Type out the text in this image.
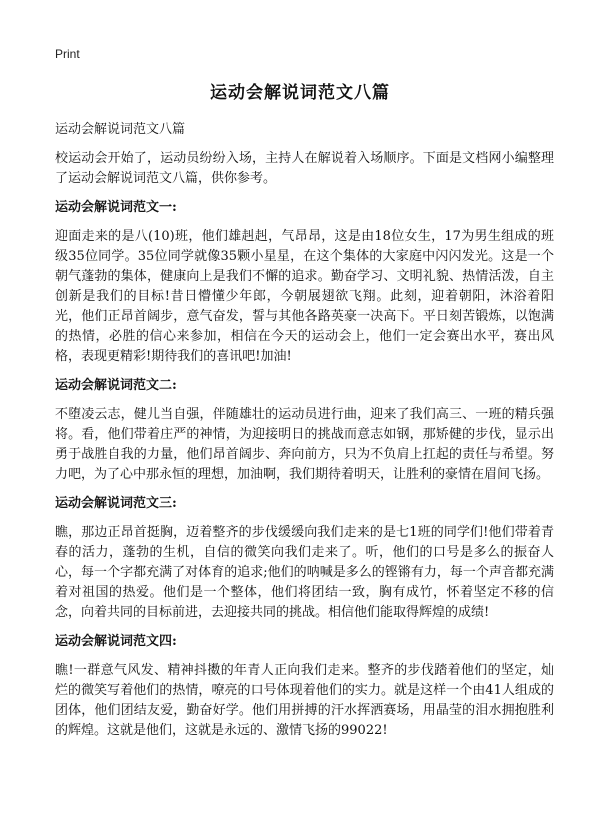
Print
运动会解说词范文八篇
运动会解说词范文八篇
校运动会开始了，运动员纷纷入场，主持人在解说着入场顺序。下面是文档网小编整理了运动会解说词范文八篇，供你参考。
运动会解说词范文一:
迎面走来的是八(10)班，他们雄赳赳，气昂昂，这是由18位女生，17为男生组成的班级35位同学。35位同学就像35颗小星星，在这个集体的大家庭中闪闪发光。这是一个朝气蓬勃的集体，健康向上是我们不懈的追求。勤奋学习、文明礼貌、热情活泼，自主创新是我们的目标!昔日懵懂少年郎，今朝展翅欲飞翔。此刻，迎着朝阳，沐浴着阳光，他们正昂首阔步，意气奋发，誓与其他各路英豪一决高下。平日刻苦锻炼，以饱满的热情，必胜的信心来参加，相信在今天的运动会上，他们一定会赛出水平，赛出风格，表现更精彩!期待我们的喜讯吧!加油!
运动会解说词范文二:
不堕凌云志，健儿当自强，伴随雄壮的运动员进行曲，迎来了我们高三、一班的精兵强将。看，他们带着庄严的神情，为迎接明日的挑战而意志如钢，那矫健的步伐，显示出勇于战胜自我的力量，他们昂首阔步、奔向前方，只为不负肩上扛起的责任与希望。努力吧，为了心中那永恒的理想，加油啊，我们期待着明天，让胜利的豪情在眉间飞扬。
运动会解说词范文三:
瞧，那边正昂首挺胸，迈着整齐的步伐缓缓向我们走来的是七1班的同学们!他们带着青春的活力，蓬勃的生机，自信的微笑向我们走来了。听，他们的口号是多么的振奋人心，每一个字都充满了对体育的追求;他们的呐喊是多么的铿锵有力，每一个声音都充满着对祖国的热爱。他们是一个整体，他们将团结一致，胸有成竹，怀着坚定不移的信念，向着共同的目标前进，去迎接共同的挑战。相信他们能取得辉煌的成绩!
运动会解说词范文四:
瞧!一群意气风发、精神抖擞的年青人正向我们走来。整齐的步伐踏着他们的坚定，灿烂的微笑写着他们的热情，嘹亮的口号体现着他们的实力。就是这样一个由41人组成的团体，他们团结友爱，勤奋好学。他们用拼搏的汗水挥洒赛场，用晶莹的泪水拥抱胜利的辉煌。这就是他们，这就是永远的、激情飞扬的99022!
